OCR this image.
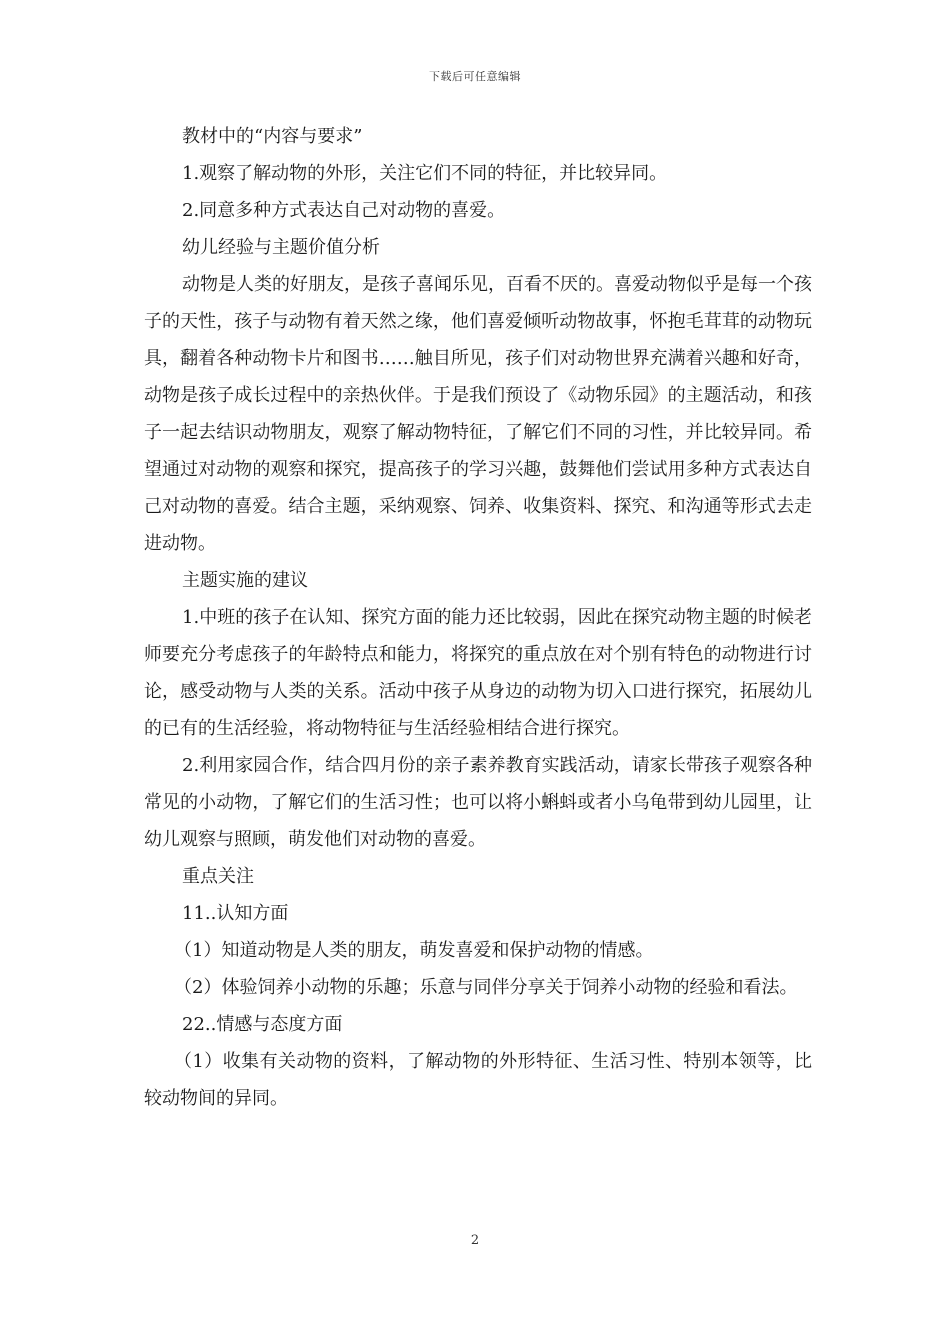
下载后可任意编辑

教材中的“内容与要求”

1.观察了解动物的外形，关注它们不同的特征，并比较异同。

2.同意多种方式表达自己对动物的喜爱。

幼儿经验与主题价值分析

动物是人类的好朋友，是孩子喜闻乐见，百看不厌的。喜爱动物似乎是每一个孩子的天性，孩子与动物有着天然之缘，他们喜爱倾听动物故事，怀抱毛茸茸的动物玩具，翻着各种动物卡片和图书……触目所见，孩子们对动物世界充满着兴趣和好奇，动物是孩子成长过程中的亲热伙伴。于是我们预设了《动物乐园》的主题活动，和孩子一起去结识动物朋友，观察了解动物特征，了解它们不同的习性，并比较异同。希望通过对动物的观察和探究，提高孩子的学习兴趣，鼓舞他们尝试用多种方式表达自己对动物的喜爱。结合主题，采纳观察、饲养、收集资料、探究、和沟通等形式去走进动物。

主题实施的建议

1.中班的孩子在认知、探究方面的能力还比较弱，因此在探究动物主题的时候老师要充分考虑孩子的年龄特点和能力，将探究的重点放在对个别有特色的动物进行讨论，感受动物与人类的关系。活动中孩子从身边的动物为切入口进行探究，拓展幼儿的已有的生活经验，将动物特征与生活经验相结合进行探究。

2.利用家园合作，结合四月份的亲子素养教育实践活动，请家长带孩子观察各种常见的小动物，了解它们的生活习性；也可以将小蝌蚪或者小乌龟带到幼儿园里，让幼儿观察与照顾，萌发他们对动物的喜爱。

重点关注

11..认知方面

（1）知道动物是人类的朋友，萌发喜爱和保护动物的情感。

（2）体验饲养小动物的乐趣；乐意与同伴分享关于饲养小动物的经验和看法。

22..情感与态度方面

（1）收集有关动物的资料，了解动物的外形特征、生活习性、特别本领等，比较动物间的异同。

2
